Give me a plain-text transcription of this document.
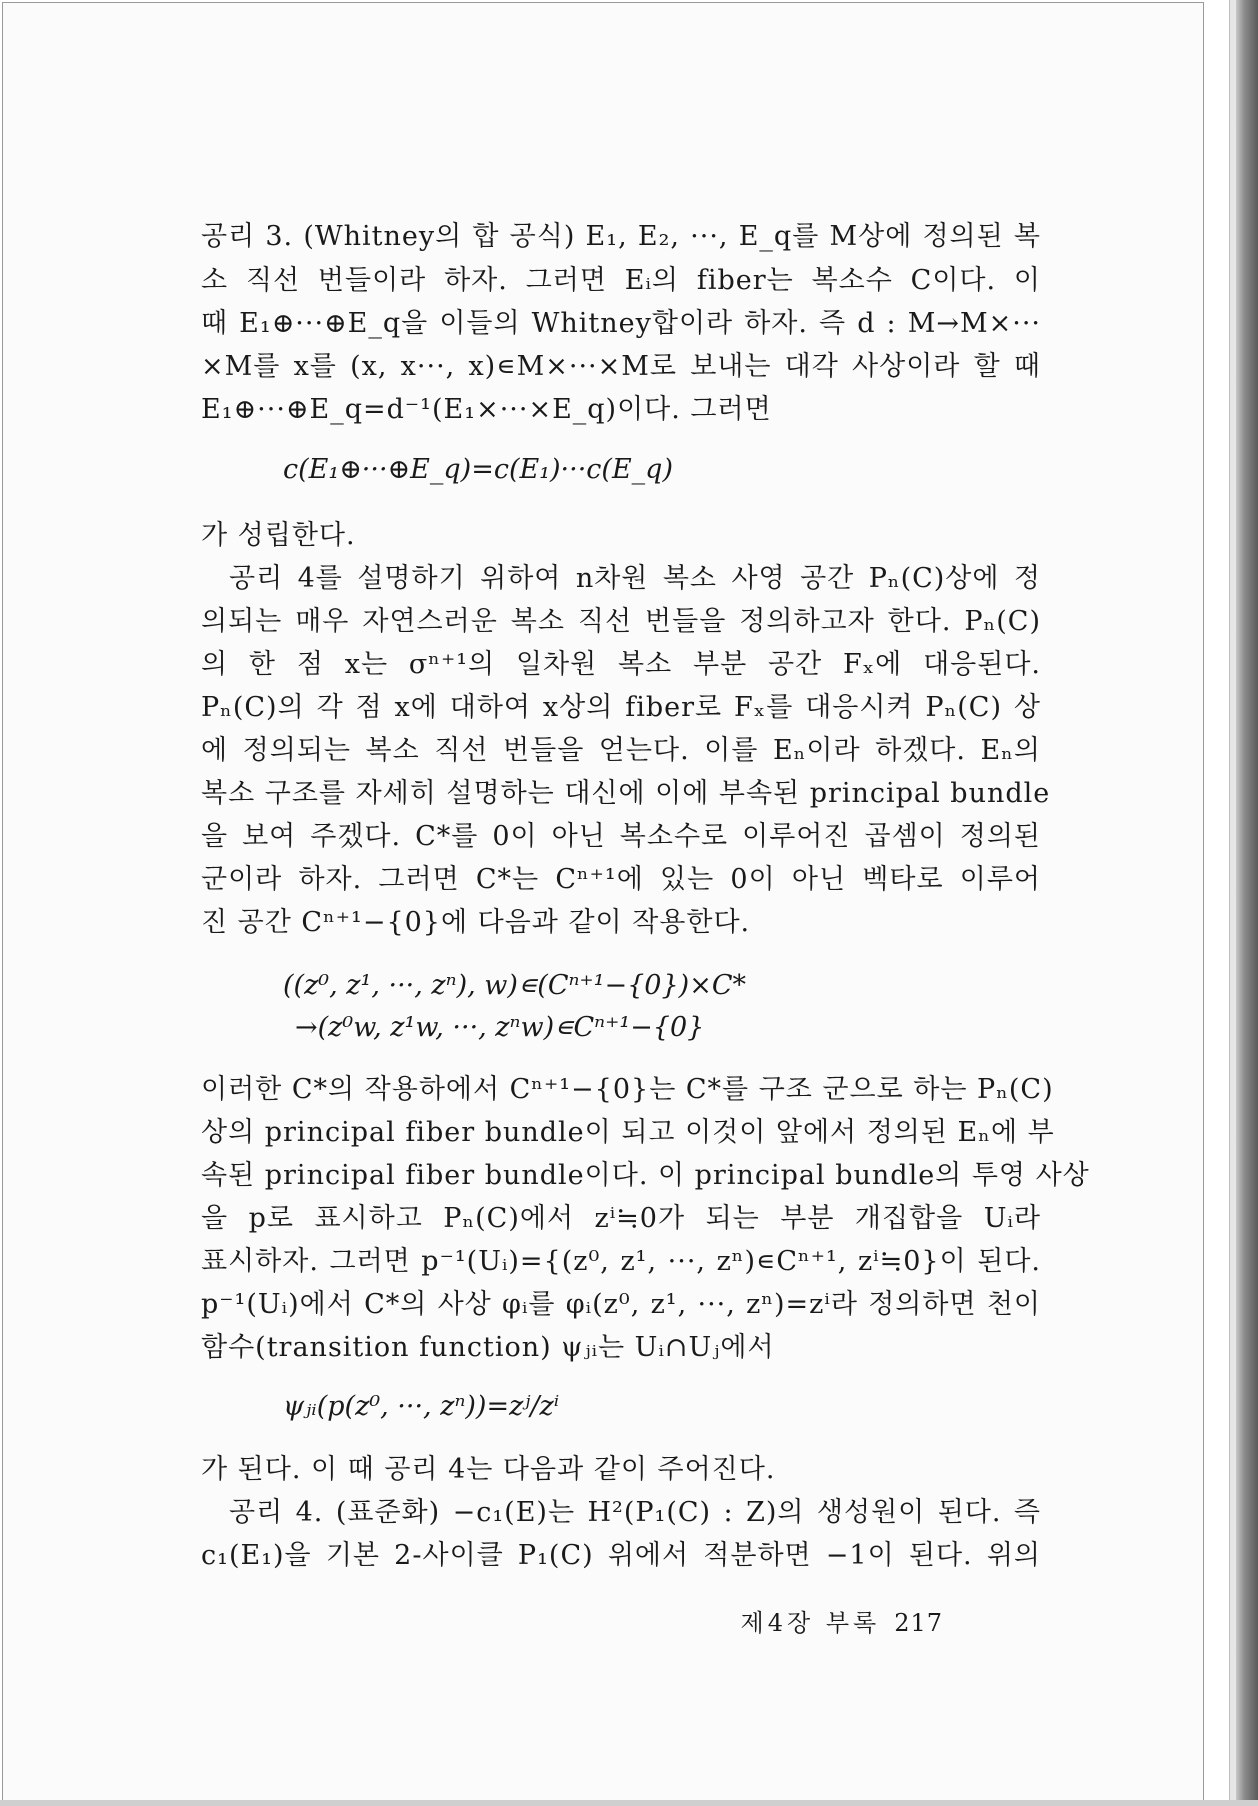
공리 3. (Whitney의 합 공식) E₁, E₂, ···, E_q를 M상에 정의된 복
소 직선 번들이라 하자. 그러면 Eᵢ의 fiber는 복소수 C이다. 이
때 E₁⊕···⊕E_q을 이들의 Whitney합이라 하자. 즉 d : M→M×···
×M를 x를 (x, x···, x)∊M×···×M로 보내는 대각 사상이라 할 때
E₁⊕···⊕E_q=d⁻¹(E₁×···×E_q)이다. 그러면
c(E₁⊕···⊕E_q)=c(E₁)···c(E_q)
가 성립한다.
공리 4를 설명하기 위하여 n차원 복소 사영 공간 Pₙ(C)상에 정
의되는 매우 자연스러운 복소 직선 번들을 정의하고자 한다. Pₙ(C)
의 한 점 x는 σⁿ⁺¹의 일차원 복소 부분 공간 Fₓ에 대응된다.
Pₙ(C)의 각 점 x에 대하여 x상의 fiber로 Fₓ를 대응시켜 Pₙ(C) 상
에 정의되는 복소 직선 번들을 얻는다. 이를 Eₙ이라 하겠다. Eₙ의
복소 구조를 자세히 설명하는 대신에 이에 부속된 principal bundle
을 보여 주겠다. C*를 0이 아닌 복소수로 이루어진 곱셈이 정의된
군이라 하자. 그러면 C*는 Cⁿ⁺¹에 있는 0이 아닌 벡타로 이루어
진 공간 Cⁿ⁺¹−{0}에 다음과 같이 작용한다.
((z⁰, z¹, ···, zⁿ), w)∊(Cⁿ⁺¹−{0})×C*
→(z⁰w, z¹w, ···, zⁿw)∊Cⁿ⁺¹−{0}
이러한 C*의 작용하에서 Cⁿ⁺¹−{0}는 C*를 구조 군으로 하는 Pₙ(C)
상의 principal fiber bundle이 되고 이것이 앞에서 정의된 Eₙ에 부
속된 principal fiber bundle이다. 이 principal bundle의 투영 사상
을 p로 표시하고 Pₙ(C)에서 zⁱ≒0가 되는 부분 개집합을 Uᵢ라
표시하자. 그러면 p⁻¹(Uᵢ)={(z⁰, z¹, ···, zⁿ)∊Cⁿ⁺¹, zⁱ≒0}이 된다.
p⁻¹(Uᵢ)에서 C*의 사상 φᵢ를 φᵢ(z⁰, z¹, ···, zⁿ)=zⁱ라 정의하면 천이
함수(transition function) ψⱼᵢ는 Uᵢ∩Uⱼ에서
ψⱼᵢ(p(z⁰, ···, zⁿ))=zʲ/zⁱ
가 된다. 이 때 공리 4는 다음과 같이 주어진다.
공리 4. (표준화) −c₁(E)는 H²(P₁(C) : Z)의 생성원이 된다. 즉
c₁(E₁)을 기본 2-사이클 P₁(C) 위에서 적분하면 −1이 된다. 위의
제4장 부록 217
